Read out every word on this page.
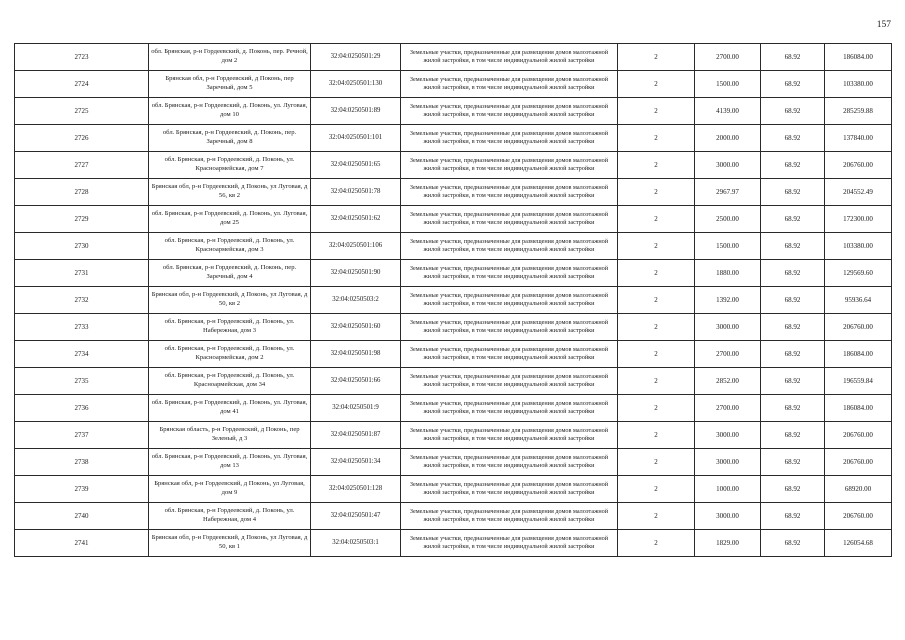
157
2723	обл. Брянская, р-н Гордеевский, д. Поконь, пер. Речной, дом 2	32:04:0250501:29	Земельные участки, предназначенные для размещения домов малоэтажной жилой застройки, в том числе индивидуальной жилой застройки	2	2700.00	68.92	186084.00
2724	Брянская обл, р-н Гордеевский, д Поконь, пер Заречный, дом 5	32:04:0250501:130	Земельные участки, предназначенные для размещения домов малоэтажной жилой застройки, в том числе индивидуальной жилой застройки	2	1500.00	68.92	103380.00
2725	обл. Брянская, р-н Гордеевский, д. Поконь, ул. Луговая, дом 10	32:04:0250501:89	Земельные участки, предназначенные для размещения домов малоэтажной жилой застройки, в том числе индивидуальной жилой застройки	2	4139.00	68.92	285259.88
2726	обл. Брянская, р-н Гордеевский, д. Поконь, пер. Заречный, дом 8	32:04:0250501:101	Земельные участки, предназначенные для размещения домов малоэтажной жилой застройки, в том числе индивидуальной жилой застройки	2	2000.00	68.92	137840.00
2727	обл. Брянская, р-н Гордеевский, д. Поконь, ул. Красноармейская, дом 7	32:04:0250501:65	Земельные участки, предназначенные для размещения домов малоэтажной жилой застройки, в том числе индивидуальной жилой застройки	2	3000.00	68.92	206760.00
2728	Брянская обл, р-н Гордеевский, д Поконь, ул Луговая, д 56, кв 2	32:04:0250501:78	Земельные участки, предназначенные для размещения домов малоэтажной жилой застройки, в том числе индивидуальной жилой застройки	2	2967.97	68.92	204552.49
2729	обл. Брянская, р-н Гордеевский, д. Поконь, ул. Луговая, дом 25	32:04:0250501:62	Земельные участки, предназначенные для размещения домов малоэтажной жилой застройки, в том числе индивидуальной жилой застройки	2	2500.00	68.92	172300.00
2730	обл. Брянская, р-н Гордеевский, д. Поконь, ул. Красноармейская, дом 3	32:04:0250501:106	Земельные участки, предназначенные для размещения домов малоэтажной жилой застройки, в том числе индивидуальной жилой застройки	2	1500.00	68.92	103380.00
2731	обл. Брянская, р-н Гордеевский, д. Поконь, пер. Заречный, дом 4	32:04:0250501:90	Земельные участки, предназначенные для размещения домов малоэтажной жилой застройки, в том числе индивидуальной жилой застройки	2	1880.00	68.92	129569.60
2732	Брянская обл, р-н Гордеевский, д Поконь, ул Луговая, д 50, кв 2	32:04:0250503:2	Земельные участки, предназначенные для размещения домов малоэтажной жилой застройки, в том числе индивидуальной жилой застройки	2	1392.00	68.92	95936.64
2733	обл. Брянская, р-н Гордеевский, д. Поконь, ул. Набережная, дом 3	32:04:0250501:60	Земельные участки, предназначенные для размещения домов малоэтажной жилой застройки, в том числе индивидуальной жилой застройки	2	3000.00	68.92	206760.00
2734	обл. Брянская, р-н Гордеевский, д. Поконь, ул. Красноармейская, дом 2	32:04:0250501:98	Земельные участки, предназначенные для размещения домов малоэтажной жилой застройки, в том числе индивидуальной жилой застройки	2	2700.00	68.92	186084.00
2735	обл. Брянская, р-н Гордеевский, д. Поконь, ул. Красноармейская, дом 34	32:04:0250501:66	Земельные участки, предназначенные для размещения домов малоэтажной жилой застройки, в том числе индивидуальной жилой застройки	2	2852.00	68.92	196559.84
2736	обл. Брянская, р-н Гордеевский, д. Поконь, ул. Луговая, дом 41	32:04:0250501:9	Земельные участки, предназначенные для размещения домов малоэтажной жилой застройки, в том числе индивидуальной жилой застройки	2	2700.00	68.92	186084.00
2737	Брянская область, р-н Гордеевский, д Поконь, пер Зеленый, д 3	32:04:0250501:87	Земельные участки, предназначенные для размещения домов малоэтажной жилой застройки, в том числе индивидуальной жилой застройки	2	3000.00	68.92	206760.00
2738	обл. Брянская, р-н Гордеевский, д. Поконь, ул. Луговая, дом 13	32:04:0250501:34	Земельные участки, предназначенные для размещения домов малоэтажной жилой застройки, в том числе индивидуальной жилой застройки	2	3000.00	68.92	206760.00
2739	Брянская обл, р-н Гордеевский, д Поконь, ул Луговая, дом 9	32:04:0250501:128	Земельные участки, предназначенные для размещения домов малоэтажной жилой застройки, в том числе индивидуальной жилой застройки	2	1000.00	68.92	68920.00
2740	обл. Брянская, р-н Гордеевский, д. Поконь, ул. Набережная, дом 4	32:04:0250501:47	Земельные участки, предназначенные для размещения домов малоэтажной жилой застройки, в том числе индивидуальной жилой застройки	2	3000.00	68.92	206760.00
2741	Брянская обл, р-н Гордеевский, д Поконь, ул Луговая, д 50, кв 1	32:04:0250503:1	Земельные участки, предназначенные для размещения домов малоэтажной жилой застройки, в том числе индивидуальной жилой застройки	2	1829.00	68.92	126054.68
